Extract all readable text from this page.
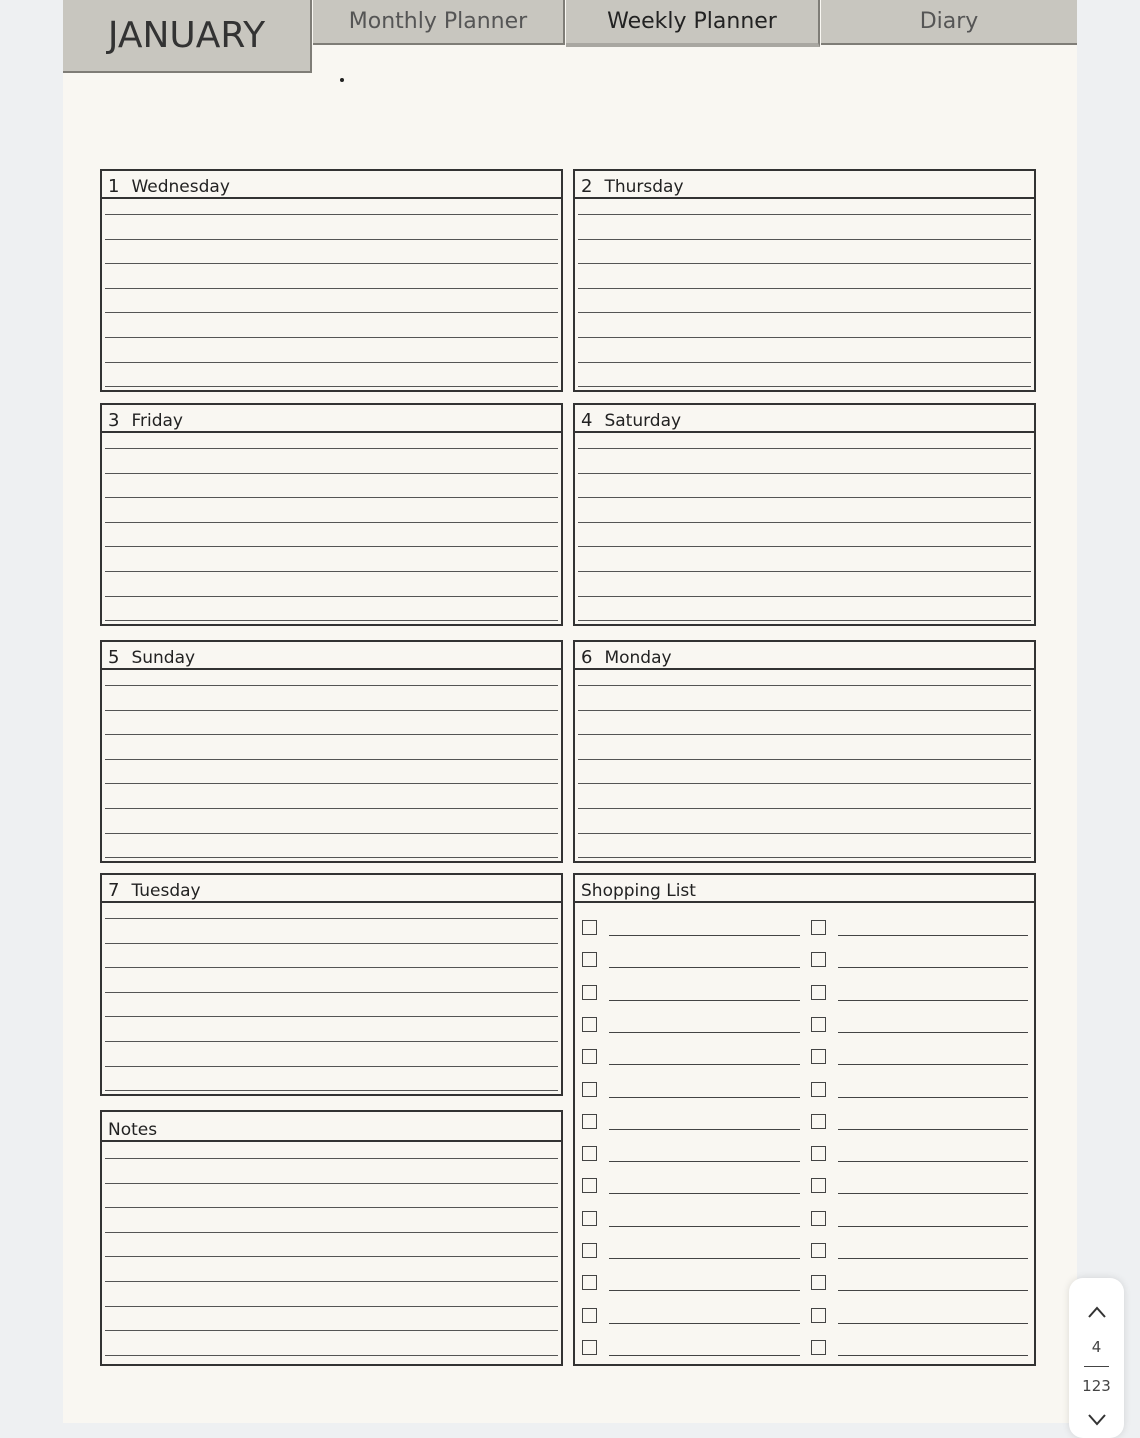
JANUARY	Monthly Planner	Weekly Planner	Diary
1 Wednesday	2 Thursday
3 Friday	4 Saturday
5 Sunday	6 Monday
7 Tuesday
Notes
Shopping List
4
123
